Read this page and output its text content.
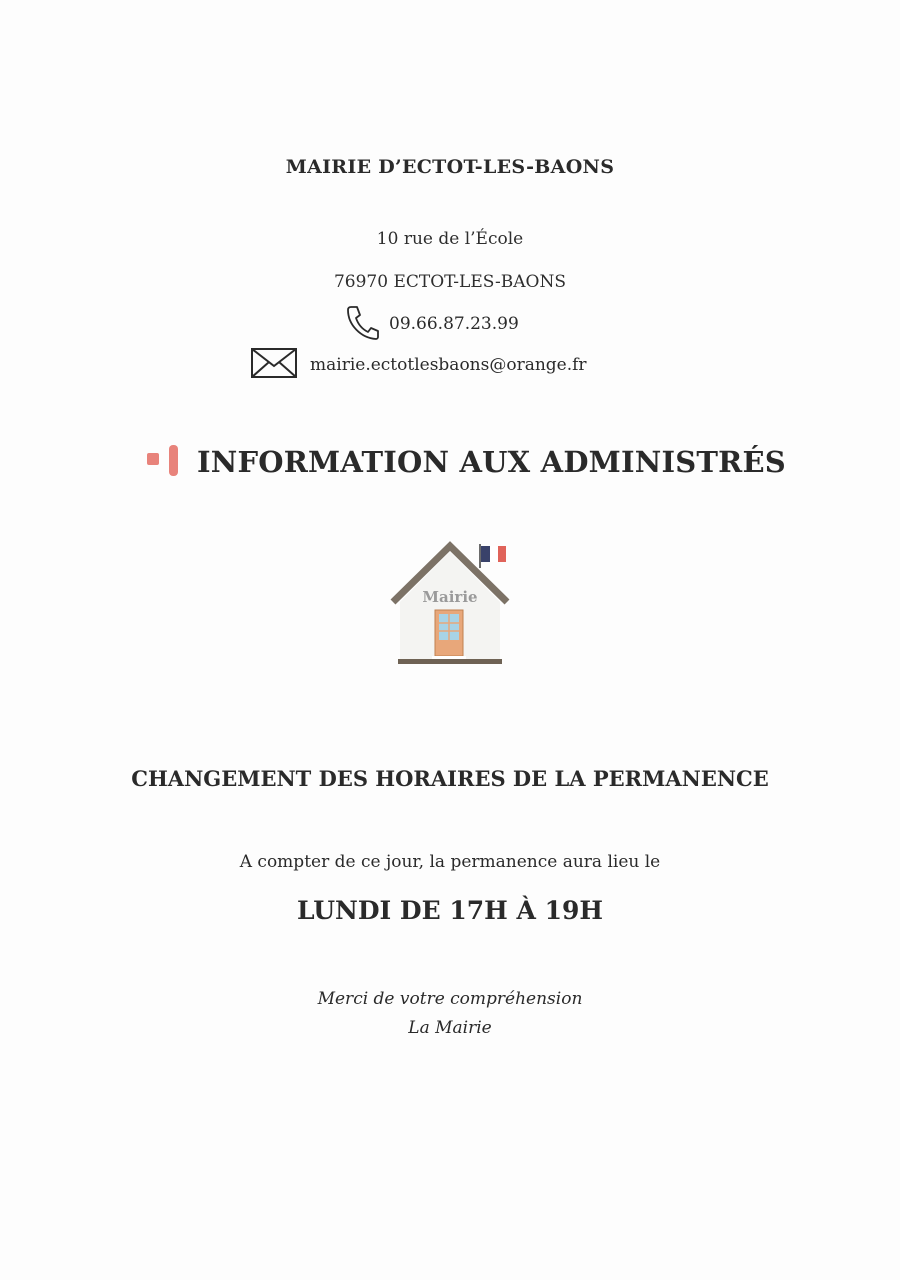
MAIRIE D’ECTOT-LES-BAONS
10 rue de l’École
76970 ECTOT-LES-BAONS
09.66.87.23.99
mairie.ectotlesbaons@orange.fr
INFORMATION AUX ADMINISTRÉS
Mairie
CHANGEMENT DES HORAIRES DE LA PERMANENCE
A compter de ce jour, la permanence aura lieu le
LUNDI DE 17H À 19H
Merci de votre compréhension
La Mairie
